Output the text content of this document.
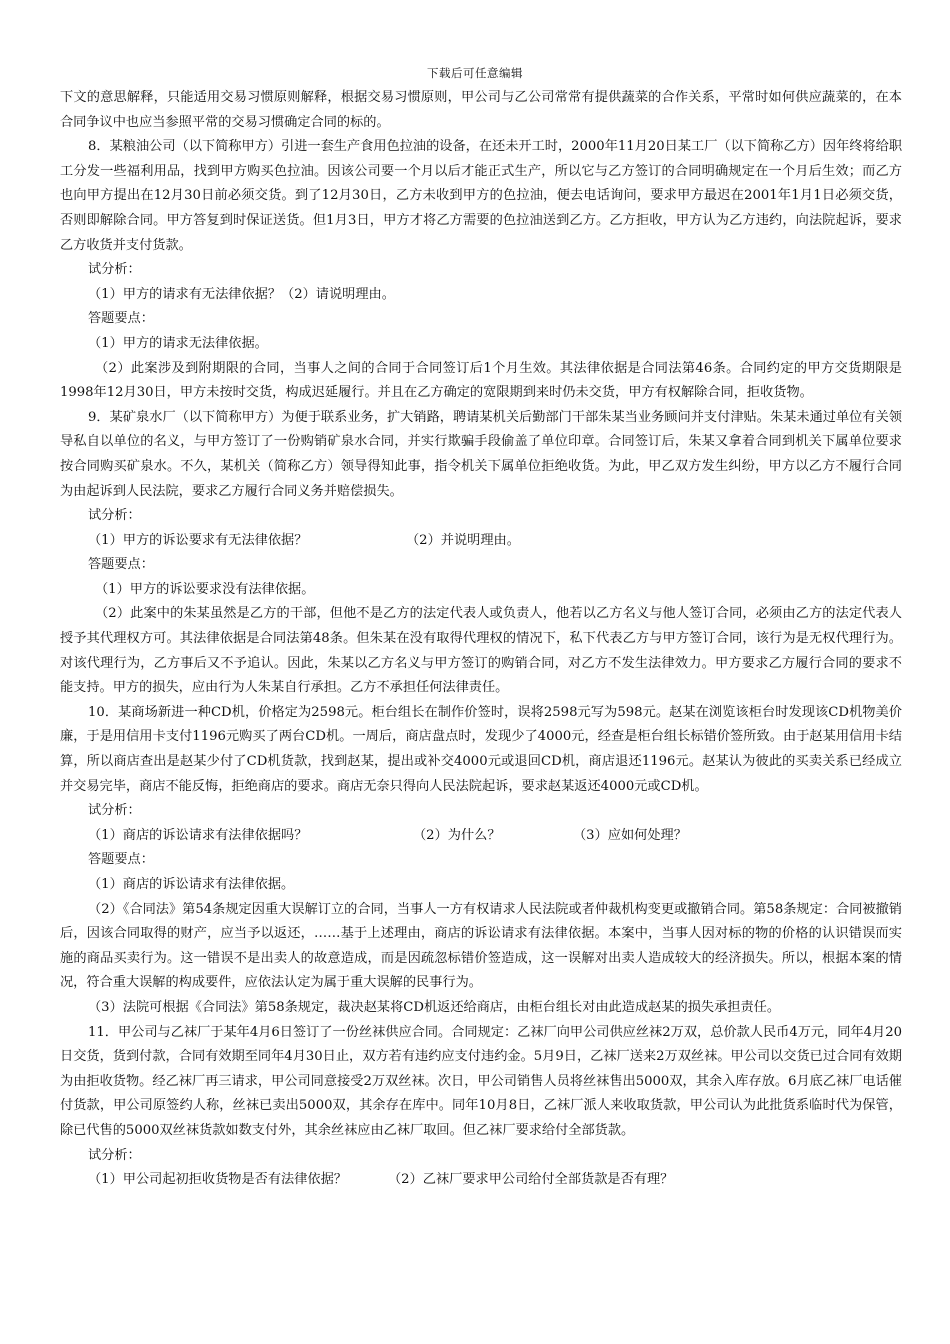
下载后可任意编辑

下文的意思解释，只能适用交易习惯原则解释，根据交易习惯原则，甲公司与乙公司常常有提供蔬菜的合作关系，平常时如何供应蔬菜的，在本合同争议中也应当参照平常的交易习惯确定合同的标的。

8．某粮油公司（以下简称甲方）引进一套生产食用色拉油的设备，在还未开工时，2000年11月20日某工厂（以下简称乙方）因年终将给职工分发一些福利用品，找到甲方购买色拉油。因该公司要一个月以后才能正式生产，所以它与乙方签订的合同明确规定在一个月后生效；而乙方也向甲方提出在12月30日前必须交货。到了12月30日，乙方未收到甲方的色拉油，便去电话询问，要求甲方最迟在2001年1月1日必须交货，否则即解除合同。甲方答复到时保证送货。但1月3日，甲方才将乙方需要的色拉油送到乙方。乙方拒收，甲方认为乙方违约，向法院起诉，要求乙方收货并支付货款。

试分析：

（1）甲方的请求有无法律依据？（2）请说明理由。

答题要点：

（1）甲方的请求无法律依据。

（2）此案涉及到附期限的合同，当事人之间的合同于合同签订后1个月生效。其法律依据是合同法第46条。合同约定的甲方交货期限是1998年12月30日，甲方未按时交货，构成迟延履行。并且在乙方确定的宽限期到来时仍未交货，甲方有权解除合同，拒收货物。

9．某矿泉水厂（以下简称甲方）为便于联系业务，扩大销路，聘请某机关后勤部门干部朱某当业务顾问并支付津贴。朱某未通过单位有关领导私自以单位的名义，与甲方签订了一份购销矿泉水合同，并实行欺骗手段偷盖了单位印章。合同签订后，朱某又拿着合同到机关下属单位要求按合同购买矿泉水。不久，某机关（简称乙方）领导得知此事，指令机关下属单位拒绝收货。为此，甲乙双方发生纠纷，甲方以乙方不履行合同为由起诉到人民法院，要求乙方履行合同义务并赔偿损失。

试分析：

（1）甲方的诉讼要求有无法律依据？	（2）并说明理由。

答题要点：

（1）甲方的诉讼要求没有法律依据。

（2）此案中的朱某虽然是乙方的干部，但他不是乙方的法定代表人或负责人，他若以乙方名义与他人签订合同，必须由乙方的法定代表人授予其代理权方可。其法律依据是合同法第48条。但朱某在没有取得代理权的情况下，私下代表乙方与甲方签订合同，该行为是无权代理行为。对该代理行为，乙方事后又不予追认。因此，朱某以乙方名义与甲方签订的购销合同，对乙方不发生法律效力。甲方要求乙方履行合同的要求不能支持。甲方的损失，应由行为人朱某自行承担。乙方不承担任何法律责任。

10．某商场新进一种CD机，价格定为2598元。柜台组长在制作价签时，误将2598元写为598元。赵某在浏览该柜台时发现该CD机物美价廉，于是用信用卡支付1196元购买了两台CD机。一周后，商店盘点时，发现少了4000元，经查是柜台组长标错价签所致。由于赵某用信用卡结算，所以商店查出是赵某少付了CD机货款，找到赵某，提出或补交4000元或退回CD机，商店退还1196元。赵某认为彼此的买卖关系已经成立并交易完毕，商店不能反悔，拒绝商店的要求。商店无奈只得向人民法院起诉，要求赵某返还4000元或CD机。

试分析：

（1）商店的诉讼请求有法律依据吗？	（2）为什么？	（3）应如何处理？

答题要点：

（1）商店的诉讼请求有法律依据。

（2）《合同法》第54条规定因重大误解订立的合同，当事人一方有权请求人民法院或者仲裁机构变更或撤销合同。第58条规定：合同被撤销后，因该合同取得的财产，应当予以返还，……基于上述理由，商店的诉讼请求有法律依据。本案中，当事人因对标的物的价格的认识错误而实施的商品买卖行为。这一错误不是出卖人的故意造成，而是因疏忽标错价签造成，这一误解对出卖人造成较大的经济损失。所以，根据本案的情况，符合重大误解的构成要件，应依法认定为属于重大误解的民事行为。

（3）法院可根据《合同法》第58条规定，裁决赵某将CD机返还给商店，由柜台组长对由此造成赵某的损失承担责任。

11．甲公司与乙袜厂于某年4月6日签订了一份丝袜供应合同。合同规定：乙袜厂向甲公司供应丝袜2万双，总价款人民币4万元，同年4月20日交货，货到付款，合同有效期至同年4月30日止，双方若有违约应支付违约金。5月9日，乙袜厂送来2万双丝袜。甲公司以交货已过合同有效期为由拒收货物。经乙袜厂再三请求，甲公司同意接受2万双丝袜。次日，甲公司销售人员将丝袜售出5000双，其余入库存放。6月底乙袜厂电话催付货款，甲公司原签约人称，丝袜已卖出5000双，其余存在库中。同年10月8日，乙袜厂派人来收取货款，甲公司认为此批货系临时代为保管，除已代售的5000双丝袜货款如数支付外，其余丝袜应由乙袜厂取回。但乙袜厂要求给付全部货款。

试分析：

（1）甲公司起初拒收货物是否有法律依据？	（2）乙袜厂要求甲公司给付全部货款是否有理？
